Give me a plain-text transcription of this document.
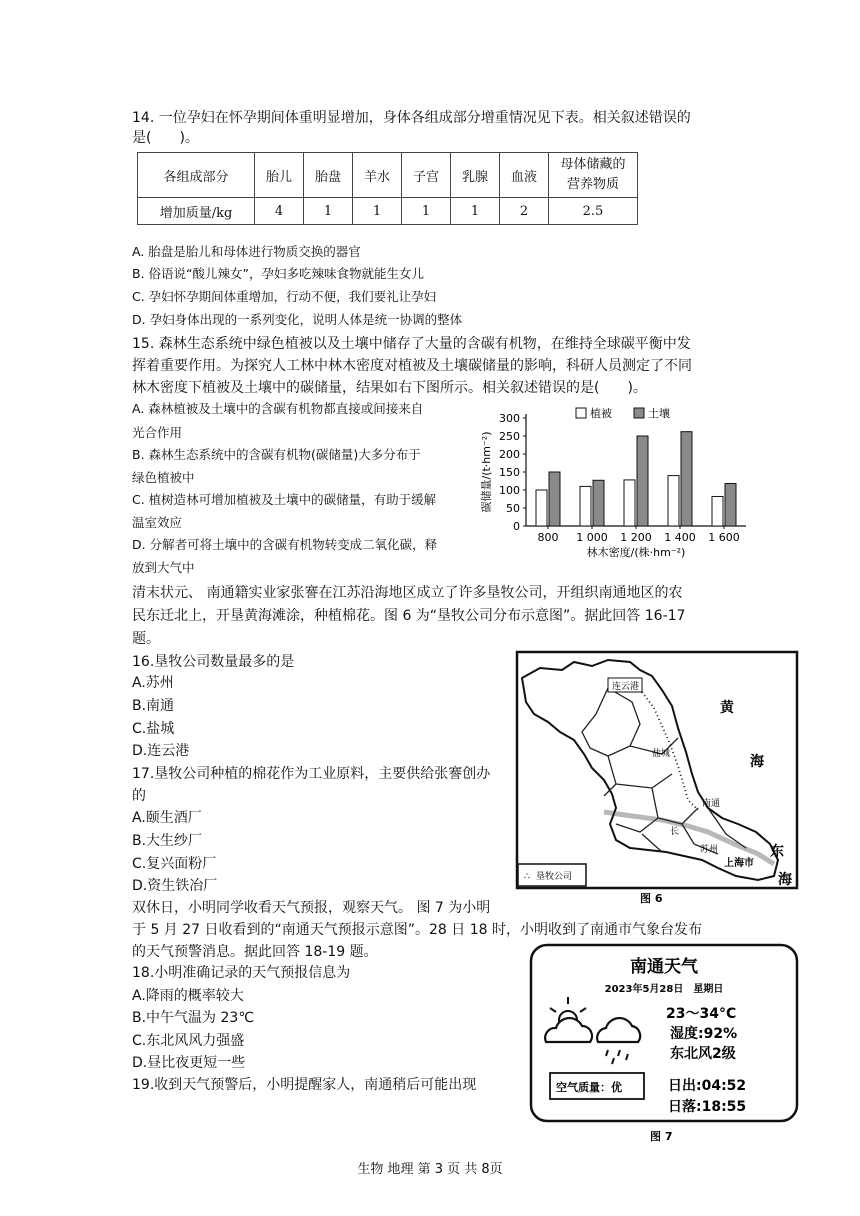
14. 一位孕妇在怀孕期间体重明显增加，身体各组成部分增重情况见下表。相关叙述错误的
是(　　)。
各组成部分	胎儿	胎盘	羊水	子宫	乳腺	血液	母体储藏的
营养物质

增加质量/kg	4	1	1	1	1	2	2.5
A. 胎盘是胎儿和母体进行物质交换的器官
B. 俗语说“酸儿辣女”，孕妇多吃辣味食物就能生女儿
C. 孕妇怀孕期间体重增加，行动不便，我们要礼让孕妇
D. 孕妇身体出现的一系列变化，说明人体是统一协调的整体
15. 森林生态系统中绿色植被以及土壤中储存了大量的含碳有机物，在维持全球碳平衡中发
挥着重要作用。为探究人工林中林木密度对植被及土壤碳储量的影响，科研人员测定了不同
林木密度下植被及土壤中的碳储量，结果如右下图所示。相关叙述错误的是(　　)。
A. 森林植被及土壤中的含碳有机物都直接或间接来自
光合作用
B. 森林生态系统中的含碳有机物(碳储量)大多分布于
绿色植被中
C. 植树造林可增加植被及土壤中的碳储量，有助于缓解
温室效应
D. 分解者可将土壤中的含碳有机物转变成二氧化碳，释
放到大气中
0
50
100
150
200
250
300
800 1 000 1 200 1 400 1 600
林木密度/(株·hm⁻²)
碳储量/(t·hm⁻²)
植被	土壤
清末状元、 南通籍实业家张謇在江苏沿海地区成立了许多垦牧公司，开组织南通地区的农
民东迁北上，开垦黄海滩涂，种植棉花。图 6 为“垦牧公司分布示意图”。据此回答 16-17
题。
16.垦牧公司数量最多的是
A.苏州
B.南通
C.盐城
D.连云港
17.垦牧公司种植的棉花作为工业原料，主要供给张謇创办
的
A.颐生酒厂
B.大生纱厂
C.复兴面粉厂
D.资生铁冶厂
连云港
盐城
南通
苏州
上海市
长
黄
海
东
海
∴ 垦牧公司
图 6
双休日，小明同学收看天气预报，观察天气。 图 7 为小明
于 5 月 27 日收看到的“南通天气预报示意图”。28 日 18 时，小明收到了南通市气象台发布
的天气预警消息。据此回答 18-19 题。
18.小明准确记录的天气预报信息为
A.降雨的概率较大
B.中午气温为 23℃
C.东北风风力强盛
D.昼比夜更短一些
19.收到天气预警后，小明提醒家人，南通稍后可能出现
南通天气
2023年5月28日　星期日
23～34°C
湿度:92%
东北风2级
空气质量：优	日出:04:52
日落:18:55
图 7
生物 地理 第 3 页 共 8页
